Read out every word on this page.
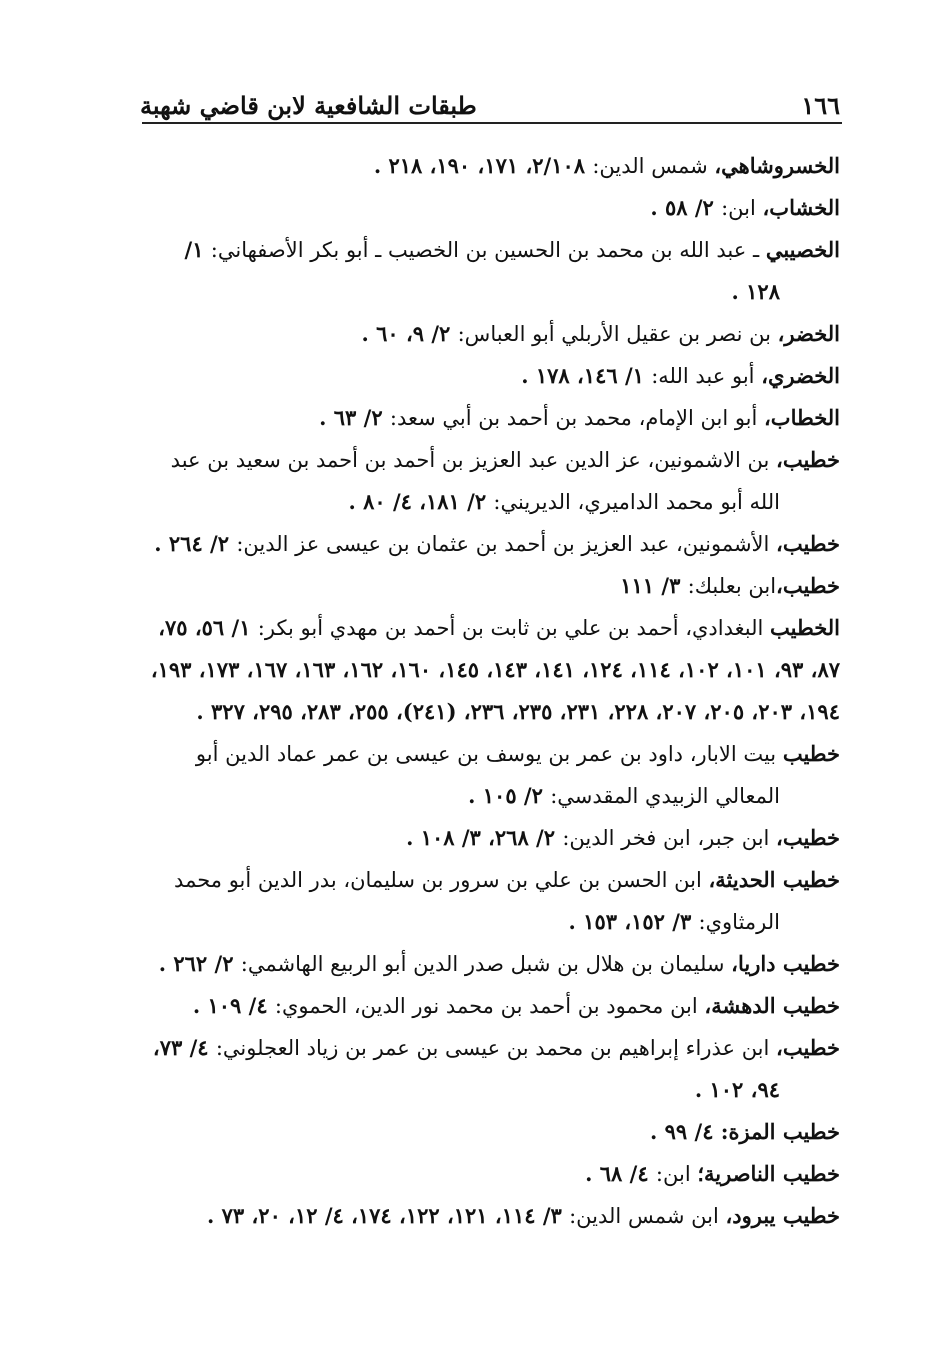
١٦٦
طبقات الشافعية لابن قاضي شهبة

الخسروشاهي، شمس الدين: ٢/١٠٨، ١٧١، ١٩٠، ٢١٨ .

الخشاب، ابن: ٢/ ٥٨ .

الخصيبي ـ عبد الله بن محمد بن الحسين بن الخصيب ـ أبو بكر الأصفهاني: ١/ ١٢٨ .

الخضر، بن نصر بن عقيل الأربلي أبو العباس: ٢/ ٩، ٦٠ .

الخضري، أبو عبد الله: ١/ ١٤٦، ١٧٨ .

الخطاب، أبو ابن الإمام، محمد بن أحمد بن أبي سعد: ٢/ ٦٣ .

خطيب، بن الاشمونين، عز الدين عبد العزيز بن أحمد بن أحمد بن سعيد بن عبد الله أبو محمد الداميري، الديريني: ٢/ ١٨١، ٤/ ٨٠ .

خطيب، الأشمونين، عبد العزيز بن أحمد بن عثمان بن عيسى عز الدين: ٢/ ٢٦٤ .

خطيب،ابن بعلبك: ٣/ ١١١

الخطيب البغدادي، أحمد بن علي بن ثابت بن أحمد بن مهدي أبو بكر: ١/ ٥٦، ٧٥، ٨٧، ٩٣، ١٠١، ١٠٢، ١١٤، ١٢٤، ١٤١، ١٤٣، ١٤٥، ١٦٠، ١٦٢، ١٦٣، ١٦٧، ١٧٣، ١٩٣، ١٩٤، ٢٠٣، ٢٠٥، ٢٠٧، ٢٢٨، ٢٣١، ٢٣٥، ٢٣٦، (٢٤١)، ٢٥٥، ٢٨٣، ٢٩٥، ٣٢٧ .

خطيب بيت الابار، داود بن عمر بن يوسف بن عيسى بن عمر عماد الدين أبو المعالي الزبيدي المقدسي: ٢/ ١٠٥ .

خطيب، ابن جبر، ابن فخر الدين: ٢/ ٢٦٨، ٣/ ١٠٨ .

خطيب الحديثة، ابن الحسن بن علي بن سرور بن سليمان، بدر الدين أبو محمد الرمثاوي: ٣/ ١٥٢، ١٥٣ .

خطيب داريا، سليمان بن هلال بن شبل صدر الدين أبو الربيع الهاشمي: ٢/ ٢٦٢ .

خطيب الدهشة، ابن محمود بن أحمد بن محمد نور الدين، الحموي: ٤/ ١٠٩ .

خطيب، ابن عذراء إبراهيم بن محمد بن عيسى بن عمر بن زياد العجلوني: ٤/ ٧٣، ٩٤، ١٠٢ .

خطيب المزة: ٤/ ٩٩ .

خطيب الناصرية؛ ابن: ٤/ ٦٨ .

خطيب يبرود، ابن شمس الدين: ٣/ ١١٤، ١٢١، ١٢٢، ١٧٤، ٤/ ١٢، ٢٠، ٧٣ .
